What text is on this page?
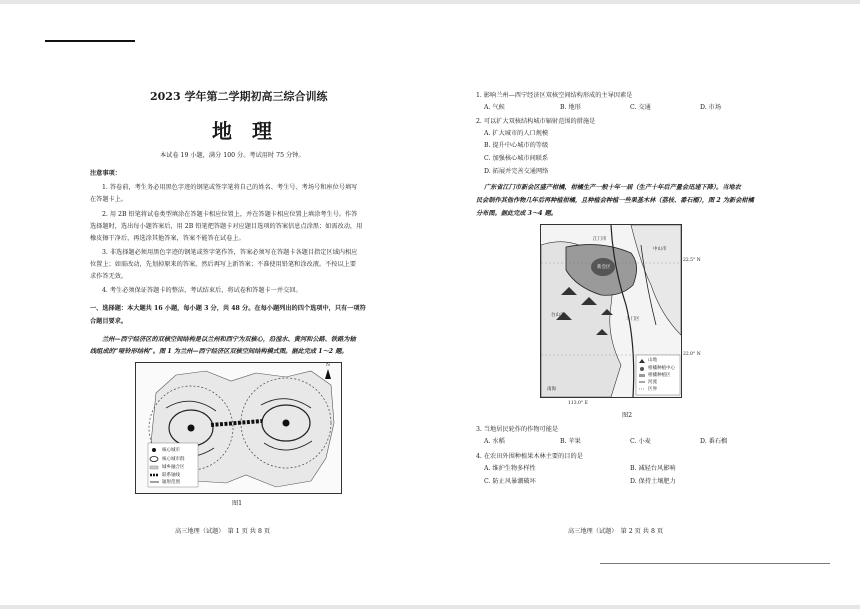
2023 学年第二学期初高三综合训练
地　理
本试卷 19 小题，满分 100 分。考试用时 75 分钟。
注意事项：
1. 答卷前，考生务必用黑色字迹的钢笔或签字笔将自己的姓名、考生号、考场号和座位号填写
在答题卡上。
2. 用 2B 铅笔将试卷类型填涂在答题卡相应位置上，并在答题卡相应位置上填涂考生号。作答
选择题时，选出每小题答案后，用 2B 铅笔把答题卡对应题目选项的答案信息点涂黑；如需改动，用
橡皮擦干净后，再选涂其他答案，答案不能答在试卷上。
3. 非选择题必须用黑色字迹的钢笔或签字笔作答，答案必须写在答题卡各题目指定区域内相应
位置上；如需改动，先划掉原来的答案，然后再写上新答案；不准使用铅笔和涂改液。不按以上要
求作答无效。
4. 考生必须保证答题卡的整洁，考试结束后，将试卷和答题卡一并交回。
一、选择题：本大题共 16 小题，每小题 3 分，共 48 分。在每小题列出的四个选项中，只有一项符
合题目要求。
兰州—西宁经济区的双核空间结构是以兰州和西宁为双核心，沿湟水、黄河和公路、铁路为轴
线组成的“哑铃形结构”。图 1 为兰州—西宁经济区双核空间结构模式图。据此完成 1～2 题。
核心城市
核心城市群
城乡融合区
联系轴线
辐射范围
N
图1
高三地理（试题）　第 1 页 共 8 页
1. 影响兰州—西宁经济区双核空间结构形成的主导因素是
A. 气候	B. 地形	C. 交通	D. 市场
2. 可以扩大双核结构城市辐射范围的措施是
A. 扩大城市的人口规模
B. 提升中心城市的等级
C. 加强核心城市间联系
D. 拓展并完善交通网络
广东省江门市新会区盛产柑橘，柑橘生产一般十年一届（生产十年后产量会迅速下降）。当地农
民会制作其他作物几年后再种植柑橘，且种植会种植一些果基木林（荔枝、番石榴），图 2 为新会柑橘
分布图。据此完成 3～4 题。
江门市
新会区
中山市
台山市
斗门区
南海
山地
柑橘种植中心
柑橘种植区
河流
区界
22.5° N
22.0° N
113.0° E
图2
3. 当地居民轮作的作物可能是
A. 水稻	B. 苹果	C. 小麦	D. 番石榴
4. 在农田外围种植果木林主要的目的是
A. 维护生物多样性	B. 减轻台风影响
C. 防止风暴潮破坏	D. 保持土壤肥力
高三地理（试题）　第 2 页 共 8 页
